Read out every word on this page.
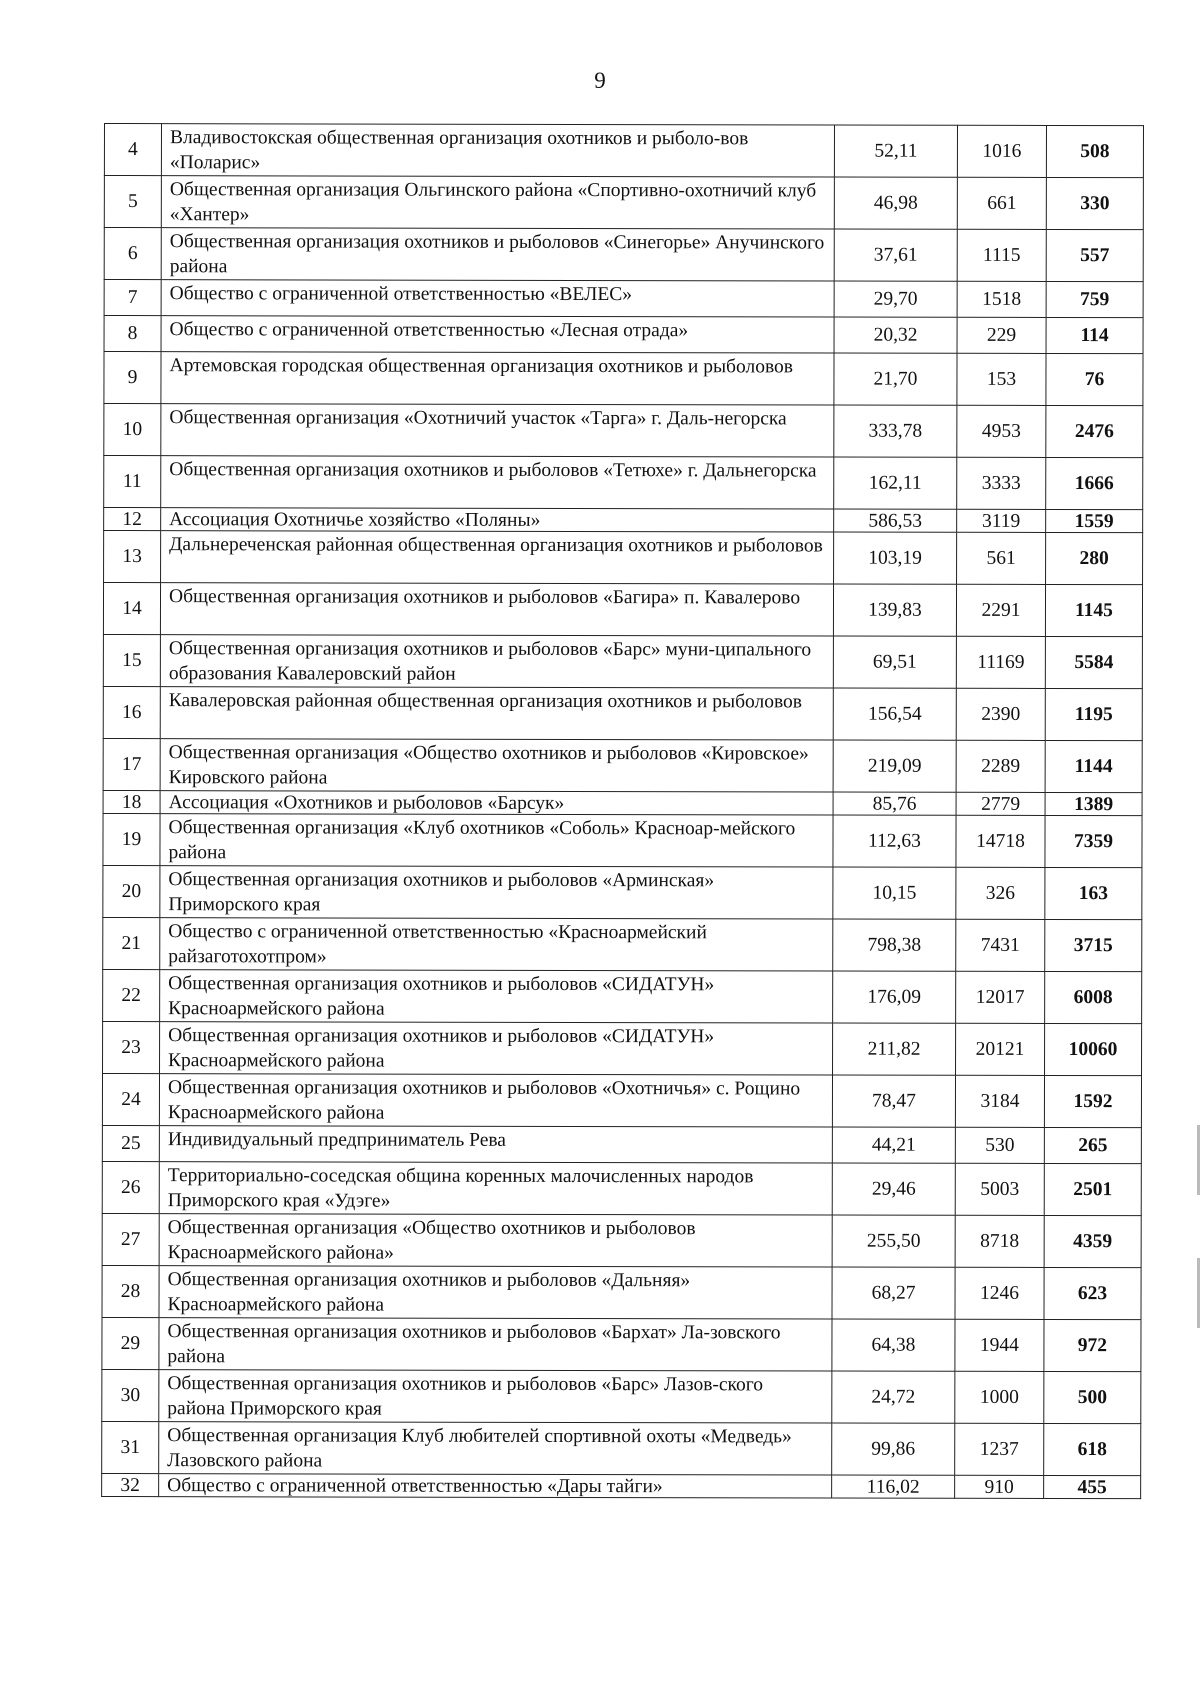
9
4	Владивостокская общественная организация охотников и рыболо-вов «Поларис»	52,11	1016	508
5	Общественная организация Ольгинского района «Спортивно-охотничий клуб «Хантер»	46,98	661	330
6	Общественная организация охотников и рыболовов «Синегорье» Анучинского района	37,61	1115	557
7	Общество с ограниченной ответственностью «ВЕЛЕС»	29,70	1518	759
8	Общество с ограниченной ответственностью «Лесная отрада»	20,32	229	114
9	Артемовская городская общественная организация охотников и рыболовов	21,70	153	76
10	Общественная организация «Охотничий участок «Тарга» г. Даль-негорска	333,78	4953	2476
11	Общественная организация охотников и рыболовов «Тетюхе» г. Дальнегорска	162,11	3333	1666
12	Ассоциация Охотничье хозяйство «Поляны»	586,53	3119	1559
13	Дальнереченская районная общественная организация охотников и рыболовов	103,19	561	280
14	Общественная организация охотников и рыболовов «Багира» п. Кавалерово	139,83	2291	1145
15	Общественная организация охотников и рыболовов «Барс» муни-ципального образования Кавалеровский район	69,51	11169	5584
16	Кавалеровская районная общественная организация охотников и рыболовов	156,54	2390	1195
17	Общественная организация «Общество охотников и рыболовов «Кировское» Кировского района	219,09	2289	1144
18	Ассоциация «Охотников и рыболовов «Барсук»	85,76	2779	1389
19	Общественная организация «Клуб охотников «Соболь» Красноар-мейского района	112,63	14718	7359
20	Общественная организация охотников и рыболовов «Арминская» Приморского края	10,15	326	163
21	Общество с ограниченной ответственностью «Красноармейский райзаготохотпром»	798,38	7431	3715
22	Общественная организация охотников и рыболовов «СИДАТУН» Красноармейского района	176,09	12017	6008
23	Общественная организация охотников и рыболовов «СИДАТУН» Красноармейского района	211,82	20121	10060
24	Общественная организация охотников и рыболовов «Охотничья» с. Рощино Красноармейского района	78,47	3184	1592
25	Индивидуальный предприниматель Рева	44,21	530	265
26	Территориально-соседская община коренных малочисленных народов Приморского края «Удэге»	29,46	5003	2501
27	Общественная организация «Общество охотников и рыболовов Красноармейского района»	255,50	8718	4359
28	Общественная организация охотников и рыболовов «Дальняя» Красноармейского района	68,27	1246	623
29	Общественная организация охотников и рыболовов «Бархат» Ла-зовского района	64,38	1944	972
30	Общественная организация охотников и рыболовов «Барс» Лазов-ского района Приморского края	24,72	1000	500
31	Общественная организация Клуб любителей спортивной охоты «Медведь» Лазовского района	99,86	1237	618
32	Общество с ограниченной ответственностью «Дары тайги»	116,02	910	455
